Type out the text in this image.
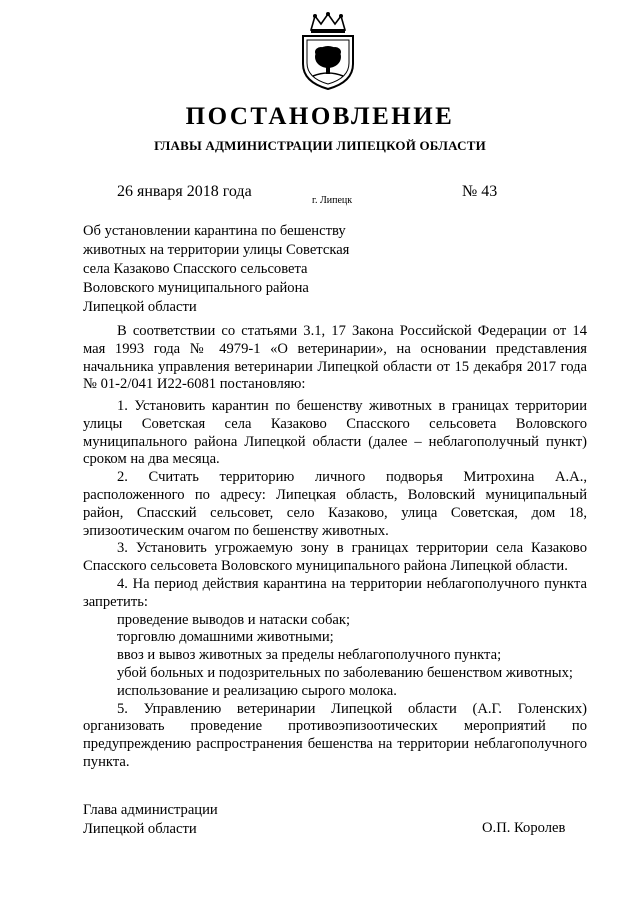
ПОСТАНОВЛЕНИЕ
ГЛАВЫ АДМИНИСТРАЦИИ ЛИПЕЦКОЙ ОБЛАСТИ
26 января 2018 года
г. Липецк
№ 43
Об установлении карантина по бешенству
животных на территории улицы Советская
села Казаково Спасского сельсовета
Воловского муниципального района
Липецкой области

В соответствии со статьями 3.1, 17 Закона Российской Федерации от 14 мая 1993 года № 4979-1 «О ветеринарии», на основании представления начальника управления ветеринарии Липецкой области от 15 декабря 2017 года № 01-2/041 И22-6081 постановляю:

1. Установить карантин по бешенству животных в границах территории улицы Советская села Казаково Спасского сельсовета Воловского муниципального района Липецкой области (далее – неблагополучный пункт) сроком на два месяца.

2. Считать территорию личного подворья Митрохина А.А., расположенного по адресу: Липецкая область, Воловский муниципальный район, Спасский сельсовет, село Казаково, улица Советская, дом 18, эпизоотическим очагом по бешенству животных.

3. Установить угрожаемую зону в границах территории села Казаково Спасского сельсовета Воловского муниципального района Липецкой области.

4. На период действия карантина на территории неблагополучного пункта запретить:

проведение выводов и натаски собак;

торговлю домашними животными;

ввоз и вывоз животных за пределы неблагополучного пункта;

убой больных и подозрительных по заболеванию бешенством животных;

использование и реализацию сырого молока.

5. Управлению ветеринарии Липецкой области (А.Г. Голенских) организовать проведение противоэпизоотических мероприятий по предупреждению распространения бешенства на территории неблагополучного пункта.

Глава администрации
Липецкой области	О.П. Королев
